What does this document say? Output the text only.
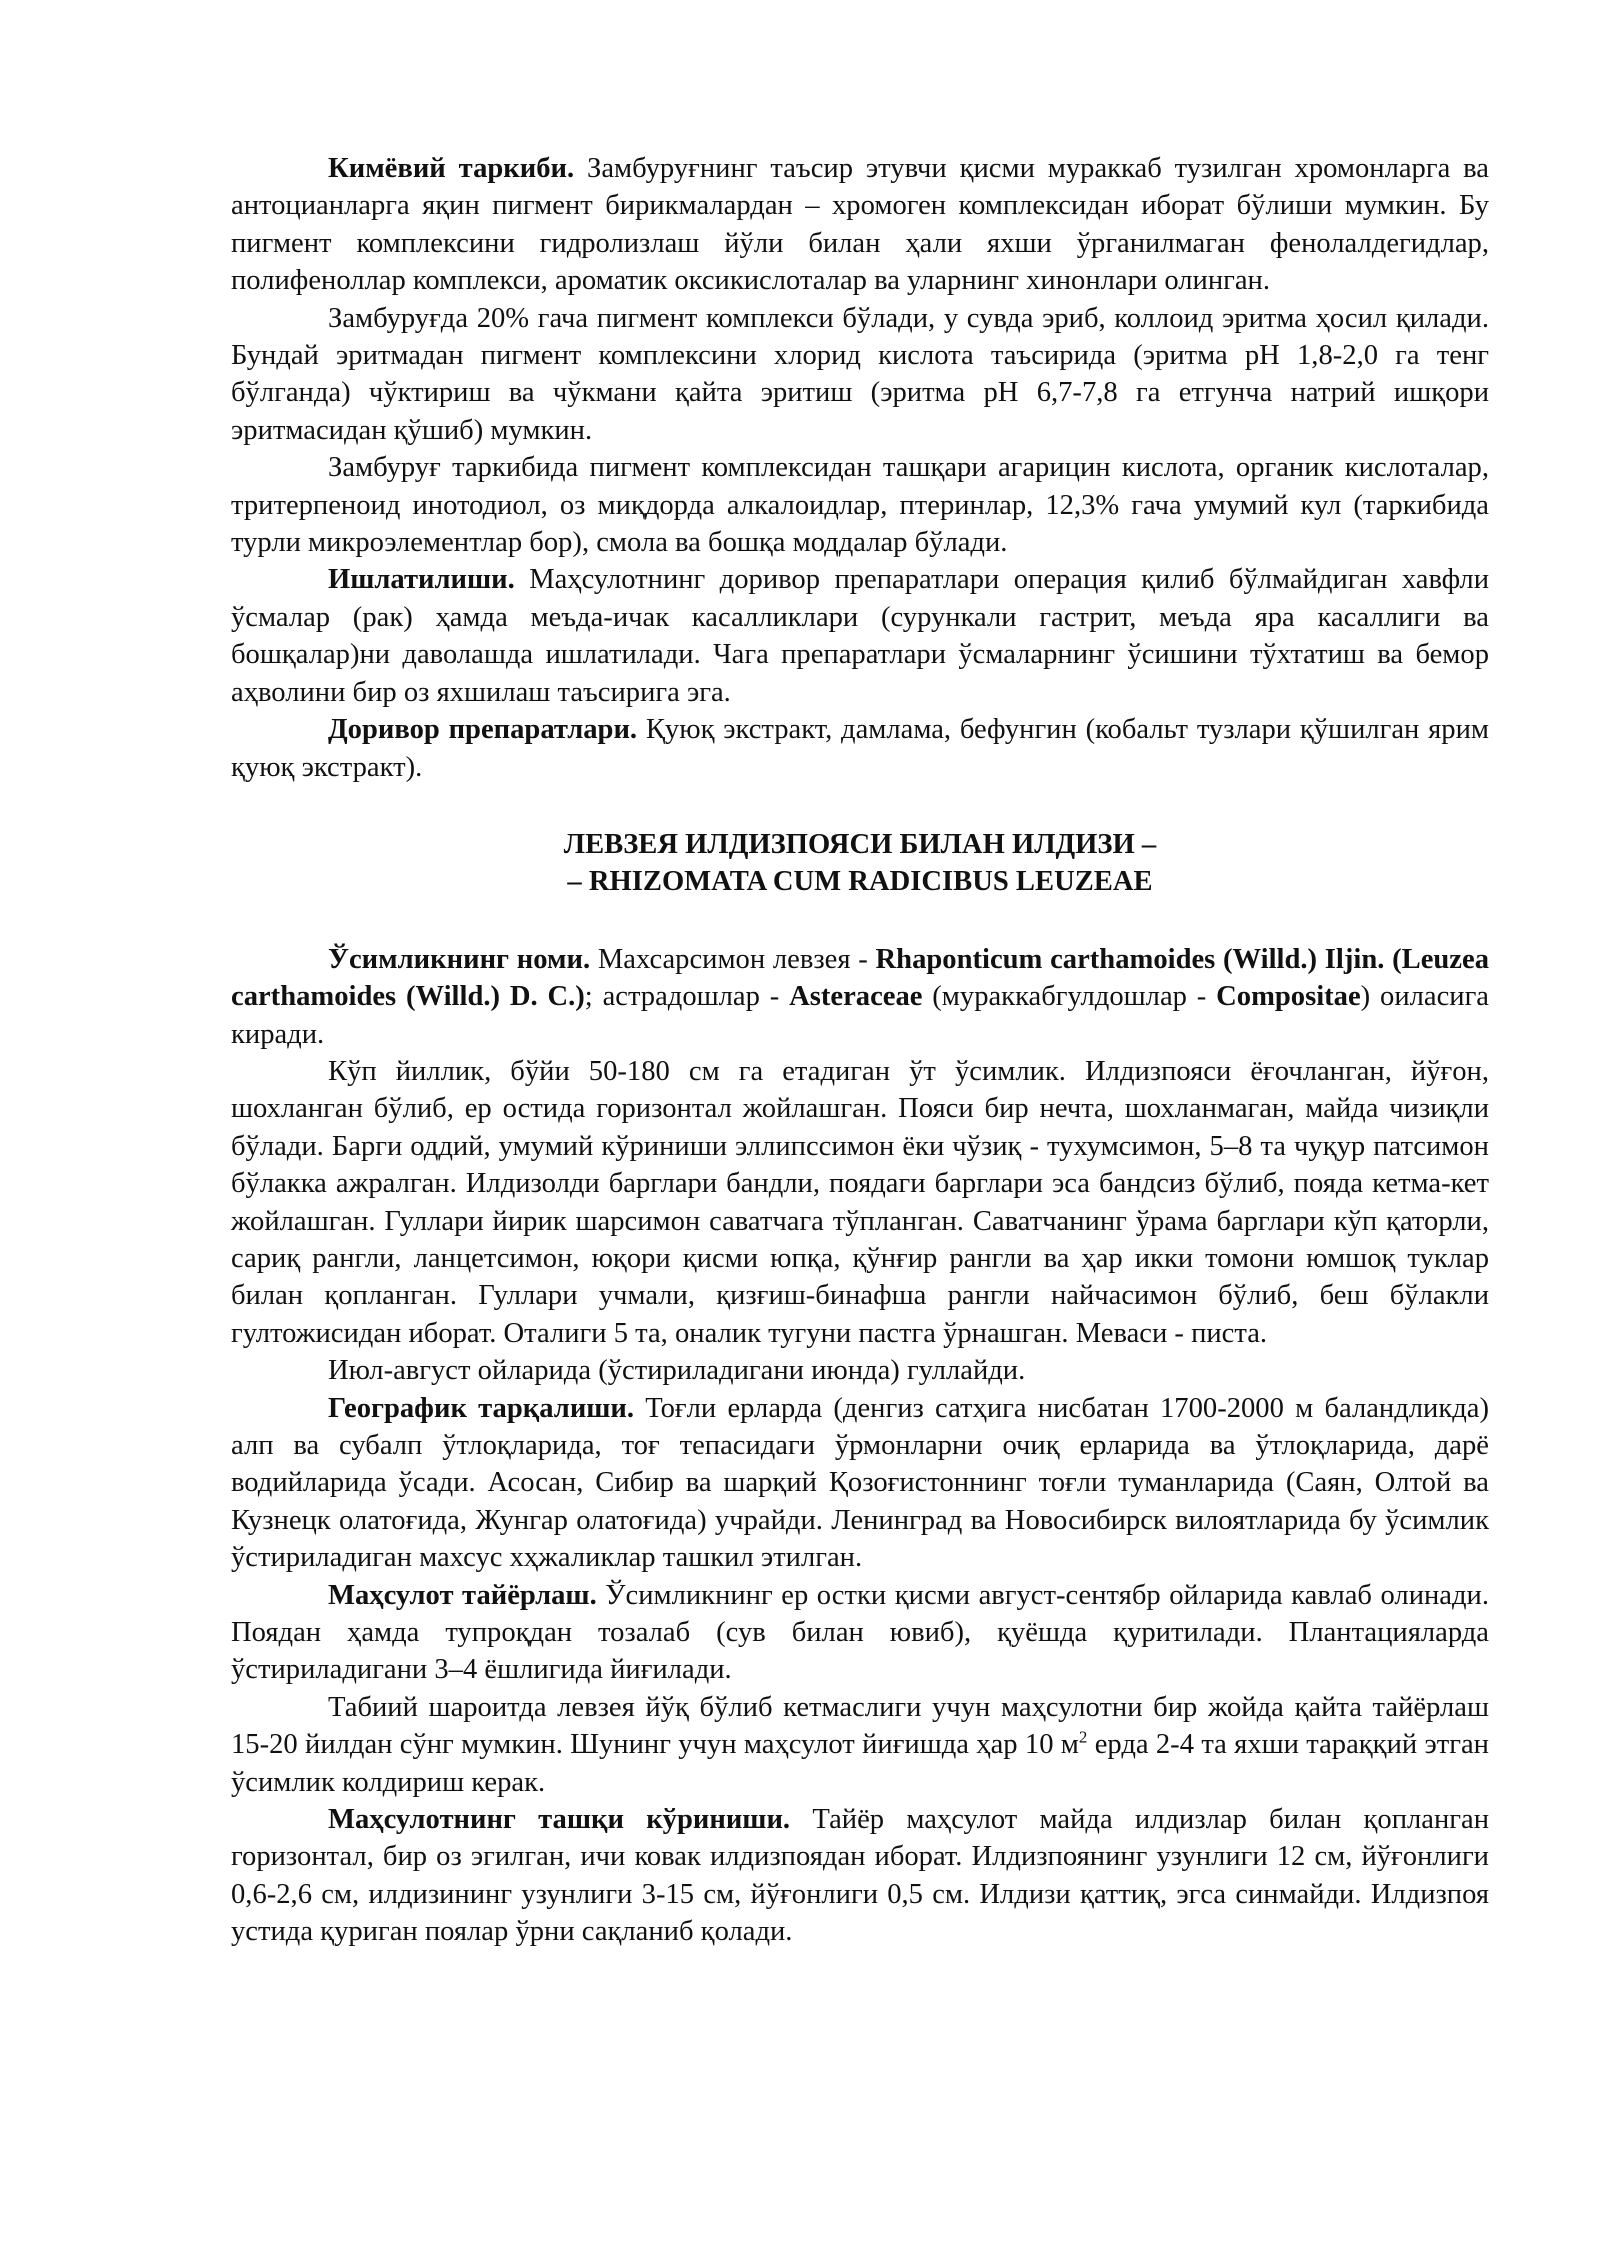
Кимёвий таркиби. Замбуруғнинг таъсир этувчи қисми мураккаб тузилган хромонларга ва антоцианларга яқин пигмент бирикмалардан – хромоген комплексидан иборат бўлиши мумкин. Бу пигмент комплексини гидролизлаш йўли билан ҳали яхши ўрганилмаган фенолалдегидлар, полифеноллар комплекси, ароматик оксикислоталар ва уларнинг хинонлари олинган.

Замбуруғда 20% гача пигмент комплекси бўлади, у сувда эриб, коллоид эритма ҳосил қилади. Бундай эритмадан пигмент комплексини хлорид кислота таъсирида (эритма pH 1,8-2,0 га тенг бўлганда) чўктириш ва чўкмани қайта эритиш (эритма pH 6,7-7,8 га етгунча натрий ишқори эритмасидан қўшиб) мумкин.

Замбуруғ таркибида пигмент комплексидан ташқари агарицин кислота, органик кислоталар, тритерпеноид инотодиол, оз миқдорда алкалоидлар, птеринлар, 12,3% гача умумий кул (таркибида турли микроэлементлар бор), смола ва бошқа моддалар бўлади.

Ишлатилиши. Маҳсулотнинг доривор препаратлари операция қилиб бўлмайдиган хавфли ўсмалар (рак) ҳамда меъда-ичак касалликлари (сурункали гастрит, меъда яра касаллиги ва бошқалар)ни даволашда ишлатилади. Чага препаратлари ўсмаларнинг ўсишини тўхтатиш ва бемор аҳволини бир оз яхшилаш таъсирига эга.

Доривор препаратлари. Қуюқ экстракт, дамлама, бефунгин (кобальт тузлари қўшилган ярим қуюқ экстракт).

ЛЕВЗЕЯ ИЛДИЗПОЯСИ БИЛАН ИЛДИЗИ –
– RHIZOMATA CUM RADICIBUS LEUZEAE

Ўсимликнинг номи. Махсарсимон левзея - Rhaponticum carthamoides (Willd.) Iljin. (Leuzea carthamoides (Willd.) D. C.); астрадошлар - Asteraceae (мураккабгулдошлар - Compositae) оиласига киради.

Кўп йиллик, бўйи 50-180 см га етадиган ўт ўсимлик. Илдизпояси ёғочланган, йўғон, шохланган бўлиб, ер остида горизонтал жойлашган. Пояси бир нечта, шохланмаган, майда чизиқли бўлади. Барги оддий, умумий кўриниши эллипссимон ёки чўзиқ - тухумсимон, 5–8 та чуқур патсимон бўлакка ажралган. Илдизолди барглари бандли, поядаги барглари эса бандсиз бўлиб, пояда кетма-кет жойлашган. Гуллари йирик шарсимон саватчага тўпланган. Саватчанинг ўрама барглари кўп қаторли, сариқ рангли, ланцетсимон, юқори қисми юпқа, қўнғир рангли ва ҳар икки томони юмшоқ туклар билан қопланган. Гуллари учмали, қизғиш-бинафша рангли найчасимон бўлиб, беш бўлакли гултожисидан иборат. Оталиги 5 та, оналик тугуни пастга ўрнашган. Меваси - писта.

Июл-август ойларида (ўстириладигани июнда) гуллайди.

Географик тарқалиши. Тоғли ерларда (денгиз сатҳига нисбатан 1700-2000 м баландликда) алп ва субалп ўтлоқларида, тоғ тепасидаги ўрмонларни очиқ ерларида ва ўтлоқларида, дарё водийларида ўсади. Асосан, Сибир ва шарқий Қозоғистоннинг тоғли туманларида (Саян, Олтой ва Кузнецк олатоғида, Жунгар олатоғида) учрайди. Ленинград ва Новосибирск вилоятларида бу ўсимлик ўстириладиган махсус хҳжаликлар ташкил этилган.

Маҳсулот тайёрлаш. Ўсимликнинг ер остки қисми август-сентябр ойларида кавлаб олинади. Поядан ҳамда тупроқдан тозалаб (сув билан ювиб), қуёшда қуритилади. Плантацияларда ўстириладигани 3–4 ёшлигида йиғилади.

Табиий шароитда левзея йўқ бўлиб кетмаслиги учун маҳсулотни бир жойда қайта тайёрлаш 15-20 йилдан сўнг мумкин. Шунинг учун маҳсулот йиғишда ҳар 10 $м^2$ ерда 2-4 та яхши тараққий этган ўсимлик колдириш керак.

Маҳсулотнинг ташқи кўриниши. Тайёр маҳсулот майда илдизлар билан қопланган горизонтал, бир оз эгилган, ичи ковак илдизпоядан иборат. Илдизпоянинг узунлиги 12 см, йўғонлиги 0,6-2,6 см, илдизининг узунлиги 3-15 см, йўғонлиги 0,5 см. Илдизи қаттиқ, эгса синмайди. Илдизпоя устида қуриган поялар ўрни сақланиб қолади.
